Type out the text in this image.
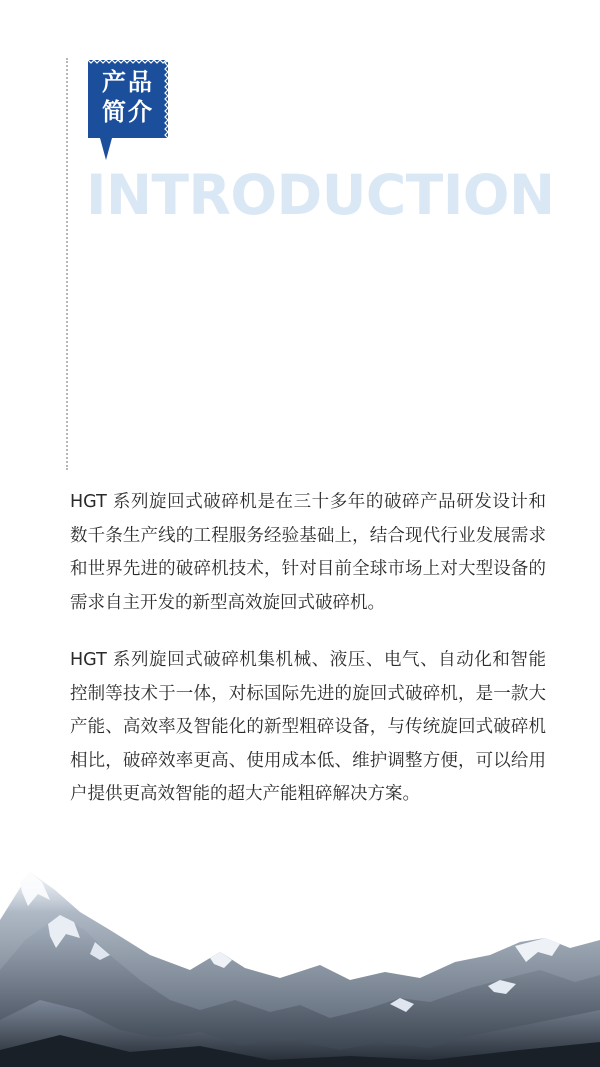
产品
简介
INTRODUCTION

HGT 系列旋回式破碎机是在三十多年的破碎产品研发设计和数千条生产线的工程服务经验基础上，结合现代行业发展需求和世界先进的破碎机技术，针对目前全球市场上对大型设备的需求自主开发的新型高效旋回式破碎机。

HGT 系列旋回式破碎机集机械、液压、电气、自动化和智能控制等技术于一体，对标国际先进的旋回式破碎机，是一款大产能、高效率及智能化的新型粗碎设备，与传统旋回式破碎机相比，破碎效率更高、使用成本低、维护调整方便，可以给用户提供更高效智能的超大产能粗碎解决方案。
